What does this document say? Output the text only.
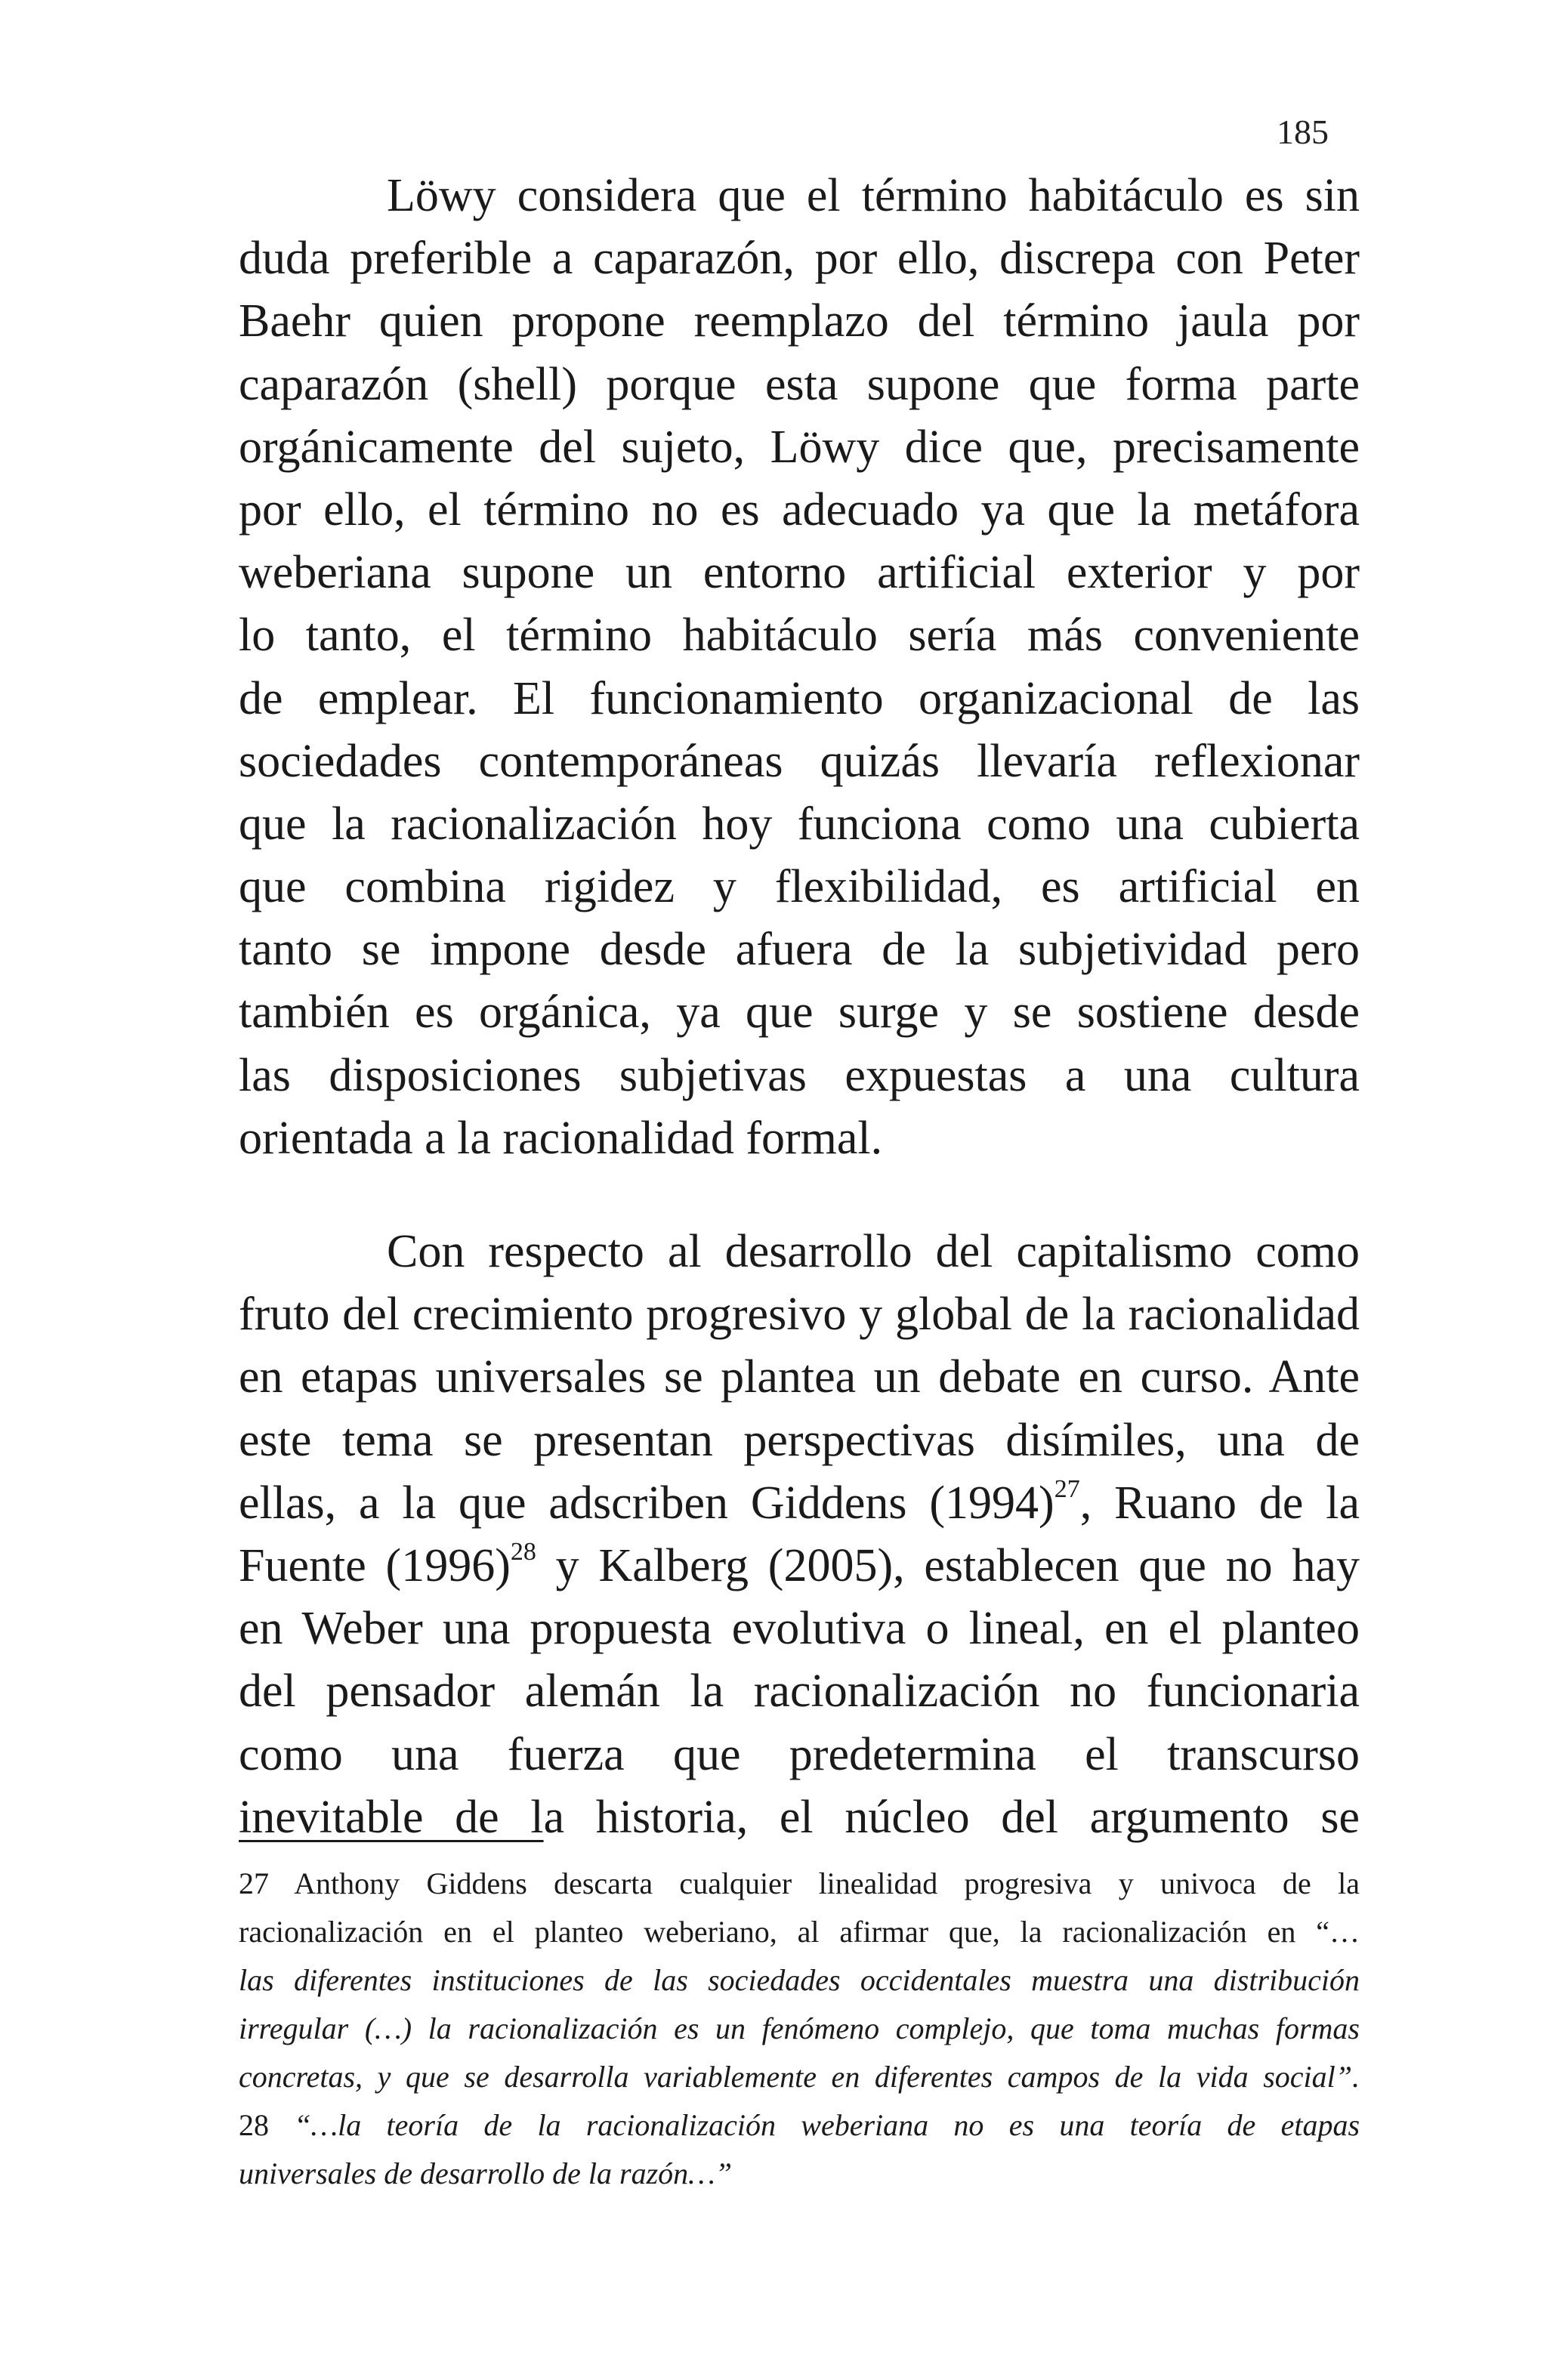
185
Löwy considera que el término habitáculo es sin
duda preferible a caparazón, por ello, discrepa con Peter
Baehr quien propone reemplazo del término jaula por
caparazón (shell) porque esta supone que forma parte
orgánicamente del sujeto, Löwy dice que, precisamente
por ello, el término no es adecuado ya que la metáfora
weberiana supone un entorno artificial exterior y por
lo tanto, el término habitáculo sería más conveniente
de emplear. El funcionamiento organizacional de las
sociedades contemporáneas quizás llevaría reflexionar
que la racionalización hoy funciona como una cubierta
que combina rigidez y flexibilidad, es artificial en
tanto se impone desde afuera de la subjetividad pero
también es orgánica, ya que surge y se sostiene desde
las disposiciones subjetivas expuestas a una cultura
orientada a la racionalidad formal.
Con respecto al desarrollo del capitalismo como
fruto del crecimiento progresivo y global de la racionalidad
en etapas universales se plantea un debate en curso. Ante
este tema se presentan perspectivas disímiles, una de
ellas, a la que adscriben Giddens $(1994)^{27}$, Ruano de la
Fuente $(1996)^{28}$ y Kalberg (2005), establecen que no hay
en Weber una propuesta evolutiva o lineal, en el planteo
del pensador alemán la racionalización no funcionaria
como una fuerza que predetermina el transcurso
inevitable de la historia, el núcleo del argumento se
27 Anthony Giddens descarta cualquier linealidad progresiva y univoca de la
racionalización en el planteo weberiano, al afirmar que, la racionalización en “…
las diferentes instituciones de las sociedades occidentales muestra una distribución
irregular (…) la racionalización es un fenómeno complejo, que toma muchas formas
concretas, y que se desarrolla variablemente en diferentes campos de la vida social”.
28 “…la teoría de la racionalización weberiana no es una teoría de etapas
universales de desarrollo de la razón…”
